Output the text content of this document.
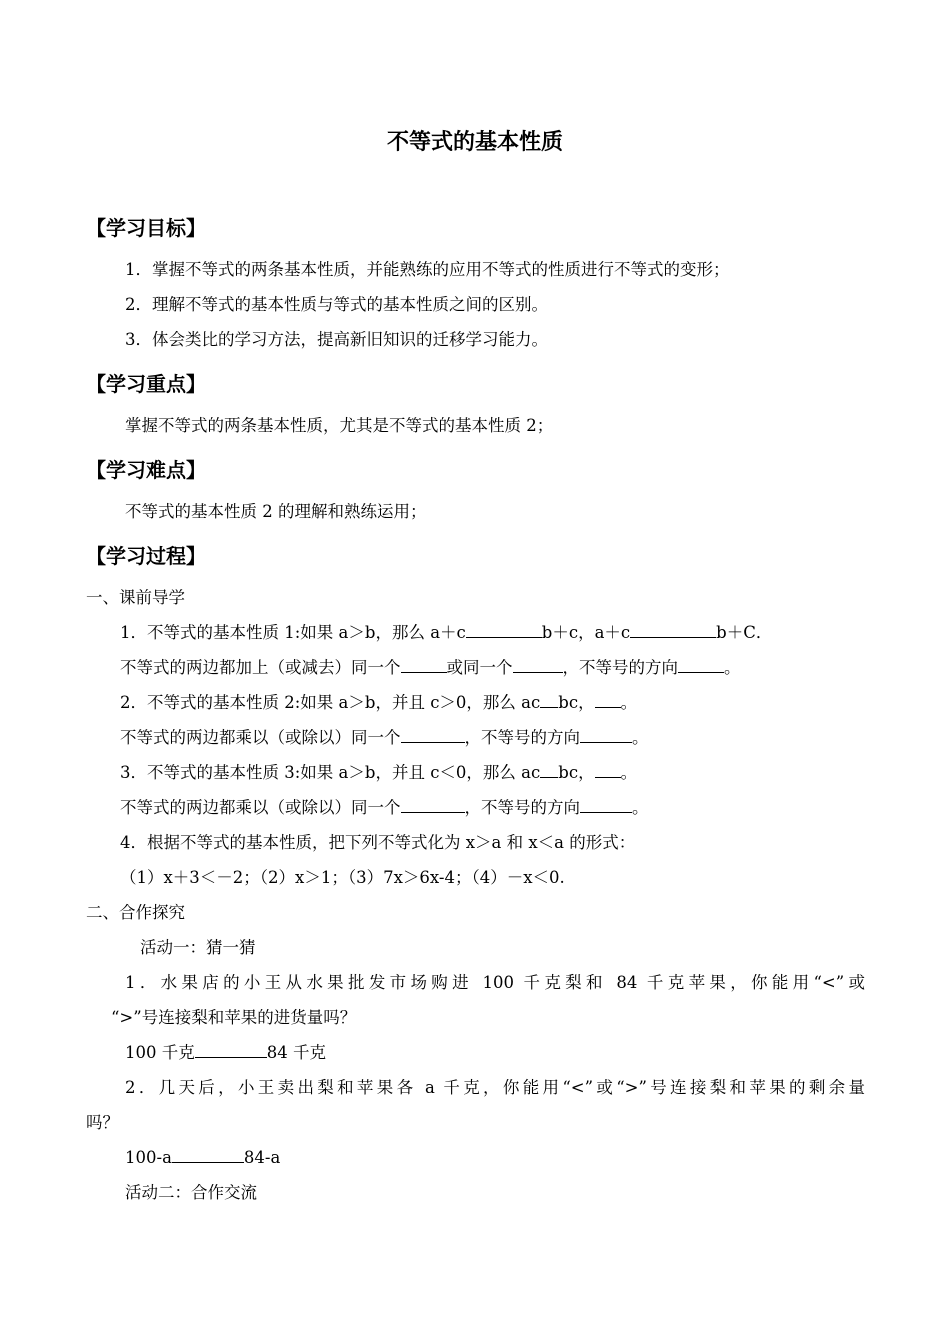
不等式的基本性质
【学习目标】
1．掌握不等式的两条基本性质，并能熟练的应用不等式的性质进行不等式的变形；
2．理解不等式的基本性质与等式的基本性质之间的区别。
3．体会类比的学习方法，提高新旧知识的迁移学习能力。
【学习重点】
掌握不等式的两条基本性质，尤其是不等式的基本性质 2；
【学习难点】
不等式的基本性质 2 的理解和熟练运用；
【学习过程】
一、课前导学
1．不等式的基本性质 1:如果 a＞b，那么 a＋c	b＋c，a＋c	b＋C．
不等式的两边都加上（或减去）同一个	或同一个	，不等号的方向	。
2．不等式的基本性质 2:如果 a＞b，并且 c＞0，那么 ac bc， 。
不等式的两边都乘以（或除以）同一个	，不等号的方向	。
3．不等式的基本性质 3:如果 a＞b，并且 c＜0，那么 ac bc， 。
不等式的两边都乘以（或除以）同一个	，不等号的方向	。
4．根据不等式的基本性质，把下列不等式化为 x＞a 和 x＜a 的形式：
（1）x＋3＜－2；（2）x＞1；（3）7x＞6x-4；（4）－x＜0.
二、合作探究
活动一：猜一猜
1．水果店的小王从水果批发市场购进 100 千克梨和 84 千克苹果，你能用“<”或
“>”号连接梨和苹果的进货量吗？
100 千克	84 千克
2．几天后，小王卖出梨和苹果各 a 千克，你能用“<”或“>”号连接梨和苹果的剩余量
吗？
100-a	84-a
活动二：合作交流
